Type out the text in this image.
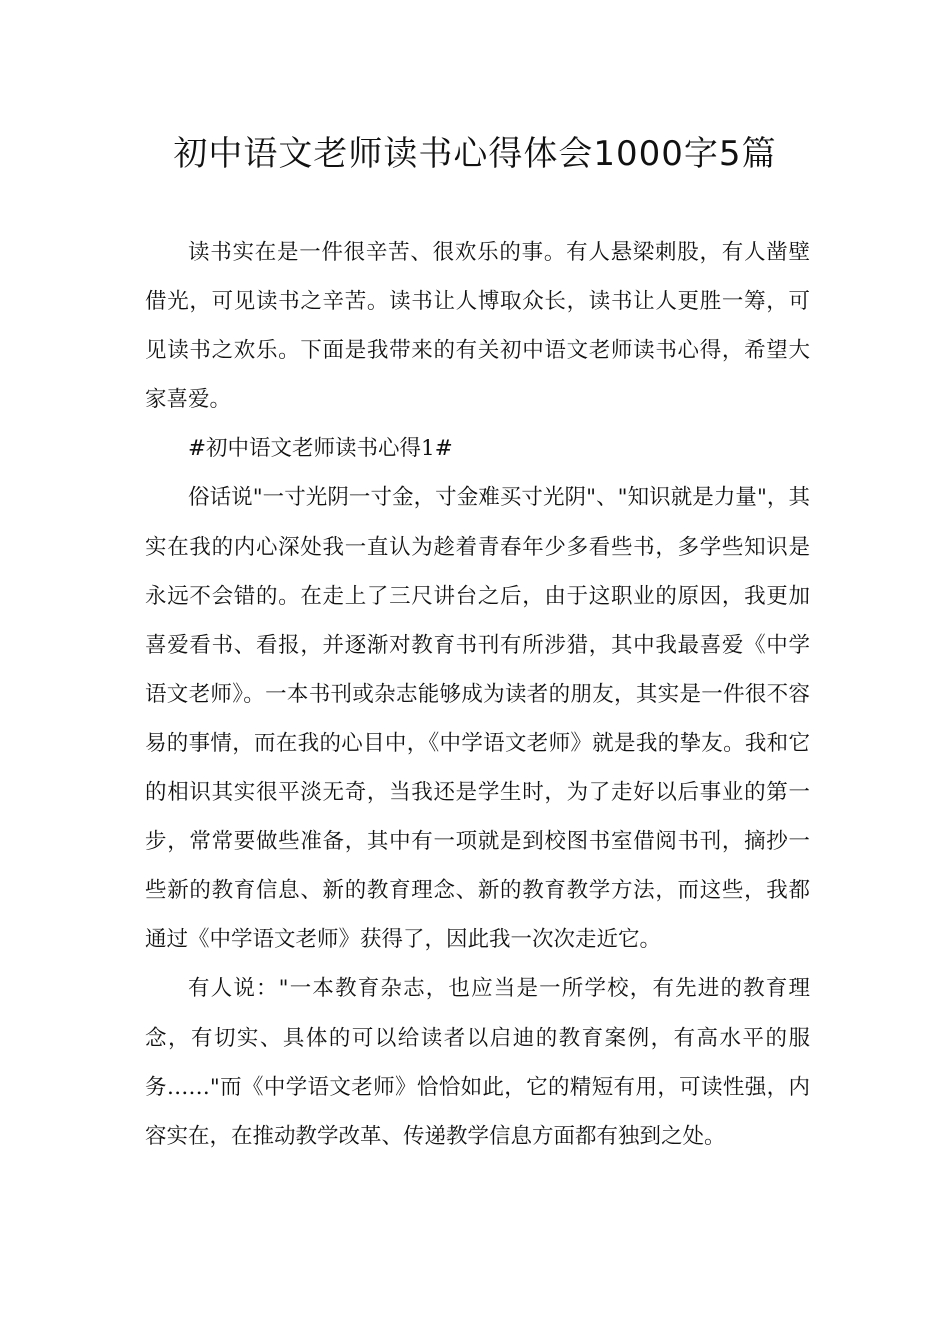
初中语文老师读书心得体会1000字5篇

读书实在是一件很辛苦、很欢乐的事。有人悬梁刺股，有人凿壁借光，可见读书之辛苦。读书让人博取众长，读书让人更胜一筹，可见读书之欢乐。下面是我带来的有关初中语文老师读书心得，希望大家喜爱。

#初中语文老师读书心得1#

俗话说"一寸光阴一寸金，寸金难买寸光阴"、"知识就是力量"，其实在我的内心深处我一直认为趁着青春年少多看些书，多学些知识是永远不会错的。在走上了三尺讲台之后，由于这职业的原因，我更加喜爱看书、看报，并逐渐对教育书刊有所涉猎，其中我最喜爱《中学语文老师》。一本书刊或杂志能够成为读者的朋友，其实是一件很不容易的事情，而在我的心目中，《中学语文老师》就是我的挚友。我和它的相识其实很平淡无奇，当我还是学生时，为了走好以后事业的第一步，常常要做些准备，其中有一项就是到校图书室借阅书刊，摘抄一些新的教育信息、新的教育理念、新的教育教学方法，而这些，我都通过《中学语文老师》获得了，因此我一次次走近它。

有人说："一本教育杂志，也应当是一所学校，有先进的教育理念，有切实、具体的可以给读者以启迪的教育案例，有高水平的服务……"而《中学语文老师》恰恰如此，它的精短有用，可读性强，内容实在，在推动教学改革、传递教学信息方面都有独到之处。
